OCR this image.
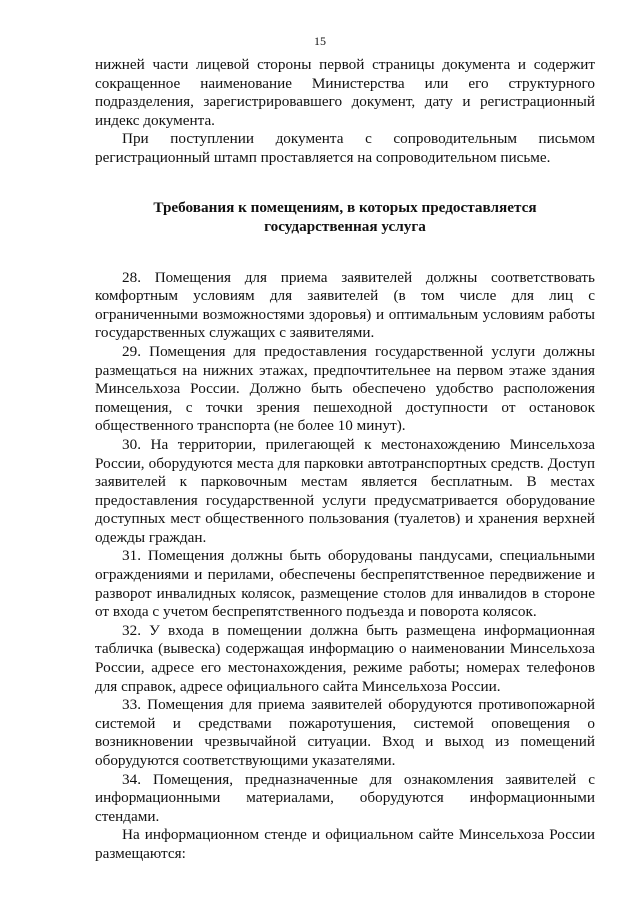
15

нижней части лицевой стороны первой страницы документа и содержит сокращенное наименование Министерства или его структурного подразделения, зарегистрировавшего документ, дату и регистрационный индекс документа.

При поступлении документа с сопроводительным письмом регистрационный штамп проставляется на сопроводительном письме.

Требования к помещениям, в которых предоставляется государственная услуга

28. Помещения для приема заявителей должны соответствовать комфортным условиям для заявителей (в том числе для лиц с ограниченными возможностями здоровья) и оптимальным условиям работы государственных служащих с заявителями.

29. Помещения для предоставления государственной услуги должны размещаться на нижних этажах, предпочтительнее на первом этаже здания Минсельхоза России. Должно быть обеспечено удобство расположения помещения, с точки зрения пешеходной доступности от остановок общественного транспорта (не более 10 минут).

30. На территории, прилегающей к местонахождению Минсельхоза России, оборудуются места для парковки автотранспортных средств. Доступ заявителей к парковочным местам является бесплатным. В местах предоставления государственной услуги предусматривается оборудование доступных мест общественного пользования (туалетов) и хранения верхней одежды граждан.

31. Помещения должны быть оборудованы пандусами, специальными ограждениями и перилами, обеспечены беспрепятственное передвижение и разворот инвалидных колясок, размещение столов для инвалидов в стороне от входа с учетом беспрепятственного подъезда и поворота колясок.

32. У входа в помещении должна быть размещена информационная табличка (вывеска) содержащая информацию о наименовании Минсельхоза России, адресе его местонахождения, режиме работы; номерах телефонов для справок, адресе официального сайта Минсельхоза России.

33. Помещения для приема заявителей оборудуются противопожарной системой и средствами пожаротушения, системой оповещения о возникновении чрезвычайной ситуации. Вход и выход из помещений оборудуются соответствующими указателями.

34. Помещения, предназначенные для ознакомления заявителей с информационными материалами, оборудуются информационными стендами.

На информационном стенде и официальном сайте Минсельхоза России размещаются:
